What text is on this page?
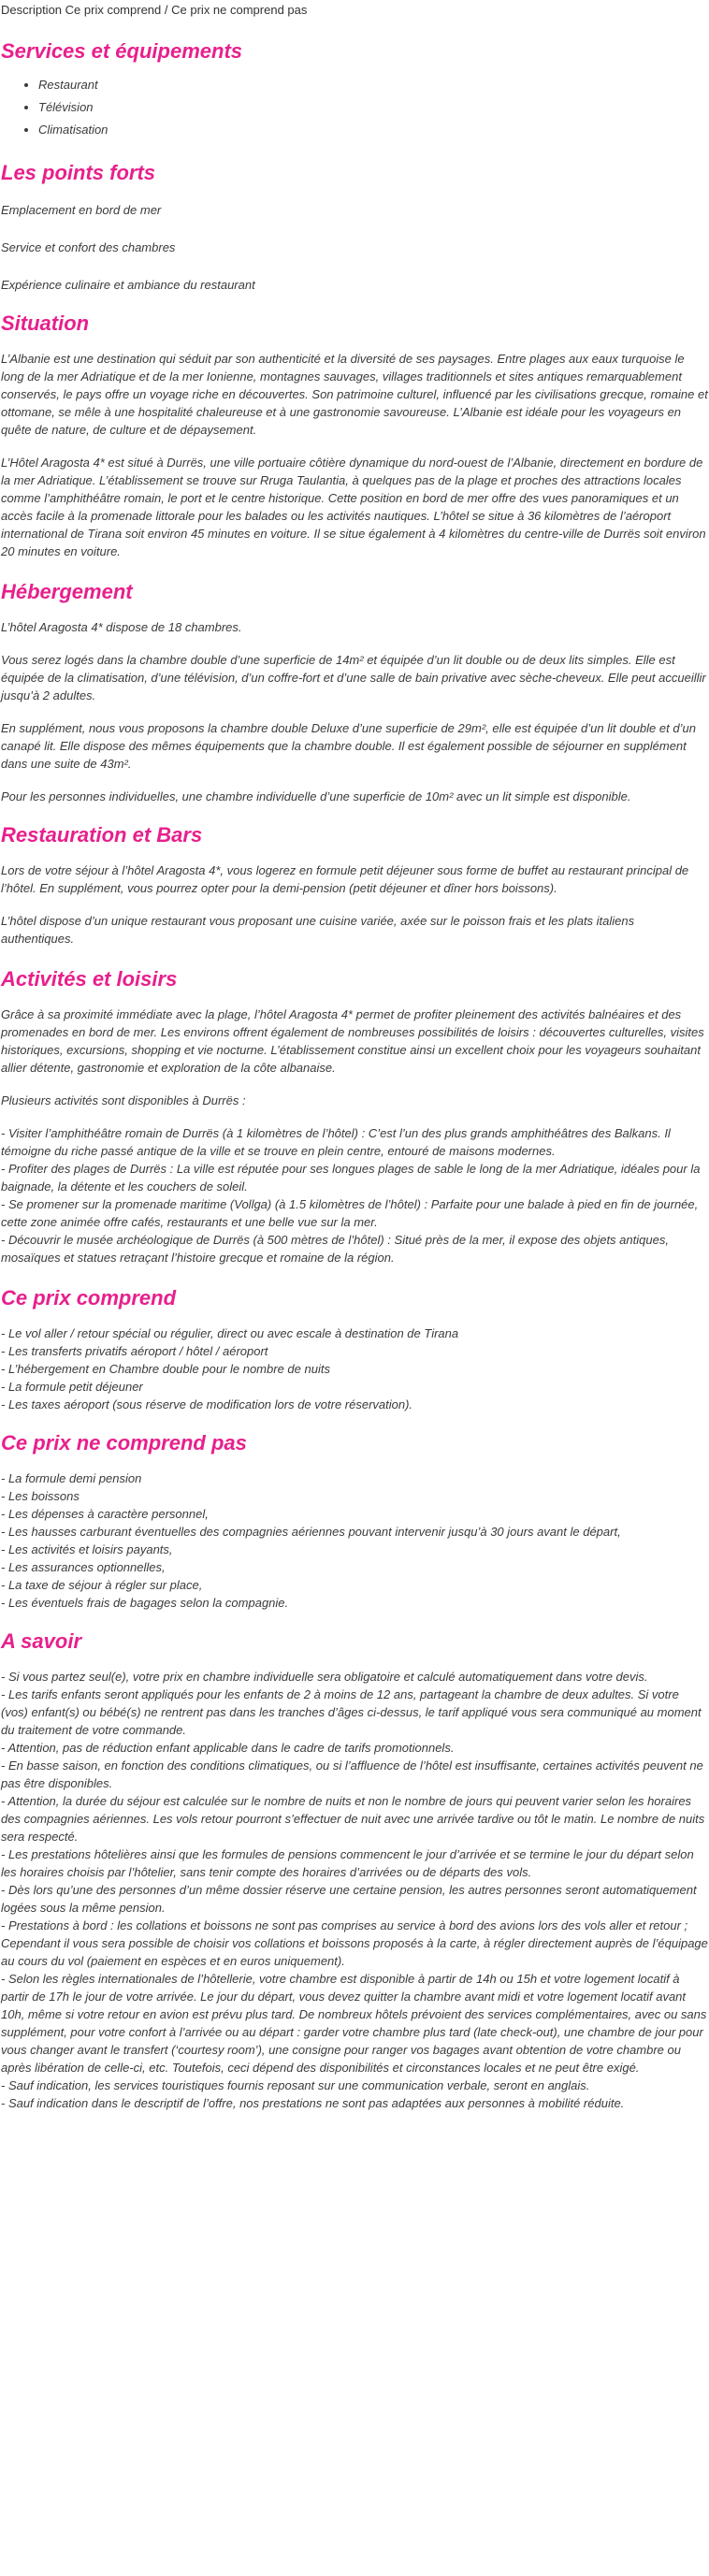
Description Ce prix comprend / Ce prix ne comprend pas
Services et équipements
• Restaurant
• Télévision
• Climatisation
Les points forts

Emplacement en bord de mer

Service et confort des chambres

Expérience culinaire et ambiance du restaurant

Situation

L’Albanie est une destination qui séduit par son authenticité et la diversité de ses paysages. Entre plages aux eaux turquoise le long de la mer Adriatique et de la mer Ionienne, montagnes sauvages, villages traditionnels et sites antiques remarquablement conservés, le pays offre un voyage riche en découvertes. Son patrimoine culturel, influencé par les civilisations grecque, romaine et ottomane, se mêle à une hospitalité chaleureuse et à une gastronomie savoureuse. L’Albanie est idéale pour les voyageurs en quête de nature, de culture et de dépaysement.

L’Hôtel Aragosta 4* est situé à Durrës, une ville portuaire côtière dynamique du nord-ouest de l’Albanie, directement en bordure de la mer Adriatique. L’établissement se trouve sur Rruga Taulantia, à quelques pas de la plage et proches des attractions locales comme l’amphithéâtre romain, le port et le centre historique. Cette position en bord de mer offre des vues panoramiques et un accès facile à la promenade littorale pour les balades ou les activités nautiques. L’hôtel se situe à 36 kilomètres de l’aéroport international de Tirana soit environ 45 minutes en voiture. Il se situe également à 4 kilomètres du centre-ville de Durrës soit environ 20 minutes en voiture.

Hébergement

L’hôtel Aragosta 4* dispose de 18 chambres.

Vous serez logés dans la chambre double d’une superficie de 14m² et équipée d’un lit double ou de deux lits simples. Elle est équipée de la climatisation, d’une télévision, d’un coffre-fort et d’une salle de bain privative avec sèche-cheveux. Elle peut accueillir jusqu’à 2 adultes.

En supplément, nous vous proposons la chambre double Deluxe d’une superficie de 29m², elle est équipée d’un lit double et d’un canapé lit. Elle dispose des mêmes équipements que la chambre double. Il est également possible de séjourner en supplément dans une suite de 43m².

Pour les personnes individuelles, une chambre individuelle d’une superficie de 10m² avec un lit simple est disponible.

Restauration et Bars

Lors de votre séjour à l’hôtel Aragosta 4*, vous logerez en formule petit déjeuner sous forme de buffet au restaurant principal de l’hôtel. En supplément, vous pourrez opter pour la demi-pension (petit déjeuner et dîner hors boissons).

L’hôtel dispose d’un unique restaurant vous proposant une cuisine variée, axée sur le poisson frais et les plats italiens authentiques.

Activités et loisirs

Grâce à sa proximité immédiate avec la plage, l’hôtel Aragosta 4* permet de profiter pleinement des activités balnéaires et des promenades en bord de mer. Les environs offrent également de nombreuses possibilités de loisirs : découvertes culturelles, visites historiques, excursions, shopping et vie nocturne. L’établissement constitue ainsi un excellent choix pour les voyageurs souhaitant allier détente, gastronomie et exploration de la côte albanaise.

Plusieurs activités sont disponibles à Durrës :

- Visiter l’amphithéâtre romain de Durrës (à 1 kilomètres de l’hôtel) : C’est l’un des plus grands amphithéâtres des Balkans. Il témoigne du riche passé antique de la ville et se trouve en plein centre, entouré de maisons modernes.

- Profiter des plages de Durrës : La ville est réputée pour ses longues plages de sable le long de la mer Adriatique, idéales pour la baignade, la détente et les couchers de soleil.

- Se promener sur la promenade maritime (Vollga) (à 1.5 kilomètres de l’hôtel) : Parfaite pour une balade à pied en fin de journée, cette zone animée offre cafés, restaurants et une belle vue sur la mer.

- Découvrir le musée archéologique de Durrës (à 500 mètres de l’hôtel) : Situé près de la mer, il expose des objets antiques, mosaïques et statues retraçant l’histoire grecque et romaine de la région.

Ce prix comprend

- Le vol aller / retour spécial ou régulier, direct ou avec escale à destination de Tirana

- Les transferts privatifs aéroport / hôtel / aéroport

- L’hébergement en Chambre double pour le nombre de nuits

- La formule petit déjeuner

- Les taxes aéroport (sous réserve de modification lors de votre réservation).

Ce prix ne comprend pas

- La formule demi pension

- Les boissons

- Les dépenses à caractère personnel,

- Les hausses carburant éventuelles des compagnies aériennes pouvant intervenir jusqu’à 30 jours avant le départ,

- Les activités et loisirs payants,

- Les assurances optionnelles,

- La taxe de séjour à régler sur place,

- Les éventuels frais de bagages selon la compagnie.

A savoir

- Si vous partez seul(e), votre prix en chambre individuelle sera obligatoire et calculé automatiquement dans votre devis.

- Les tarifs enfants seront appliqués pour les enfants de 2 à moins de 12 ans, partageant la chambre de deux adultes. Si votre (vos) enfant(s) ou bébé(s) ne rentrent pas dans les tranches d’âges ci-dessus, le tarif appliqué vous sera communiqué au moment du traitement de votre commande.

- Attention, pas de réduction enfant applicable dans le cadre de tarifs promotionnels.

- En basse saison, en fonction des conditions climatiques, ou si l’affluence de l’hôtel est insuffisante, certaines activités peuvent ne pas être disponibles.

- Attention, la durée du séjour est calculée sur le nombre de nuits et non le nombre de jours qui peuvent varier selon les horaires des compagnies aériennes. Les vols retour pourront s’effectuer de nuit avec une arrivée tardive ou tôt le matin. Le nombre de nuits sera respecté.

- Les prestations hôtelières ainsi que les formules de pensions commencent le jour d’arrivée et se termine le jour du départ selon les horaires choisis par l’hôtelier, sans tenir compte des horaires d’arrivées ou de départs des vols.

- Dès lors qu’une des personnes d’un même dossier réserve une certaine pension, les autres personnes seront automatiquement logées sous la même pension.

- Prestations à bord : les collations et boissons ne sont pas comprises au service à bord des avions lors des vols aller et retour ; Cependant il vous sera possible de choisir vos collations et boissons proposés à la carte, à régler directement auprès de l’équipage au cours du vol (paiement en espèces et en euros uniquement).

- Selon les règles internationales de l’hôtellerie, votre chambre est disponible à partir de 14h ou 15h et votre logement locatif à partir de 17h le jour de votre arrivée. Le jour du départ, vous devez quitter la chambre avant midi et votre logement locatif avant 10h, même si votre retour en avion est prévu plus tard. De nombreux hôtels prévoient des services complémentaires, avec ou sans supplément, pour votre confort à l’arrivée ou au départ : garder votre chambre plus tard (late check-out), une chambre de jour pour vous changer avant le transfert (‘courtesy room’), une consigne pour ranger vos bagages avant obtention de votre chambre ou après libération de celle-ci, etc. Toutefois, ceci dépend des disponibilités et circonstances locales et ne peut être exigé.

- Sauf indication, les services touristiques fournis reposant sur une communication verbale, seront en anglais.

- Sauf indication dans le descriptif de l’offre, nos prestations ne sont pas adaptées aux personnes à mobilité réduite.
